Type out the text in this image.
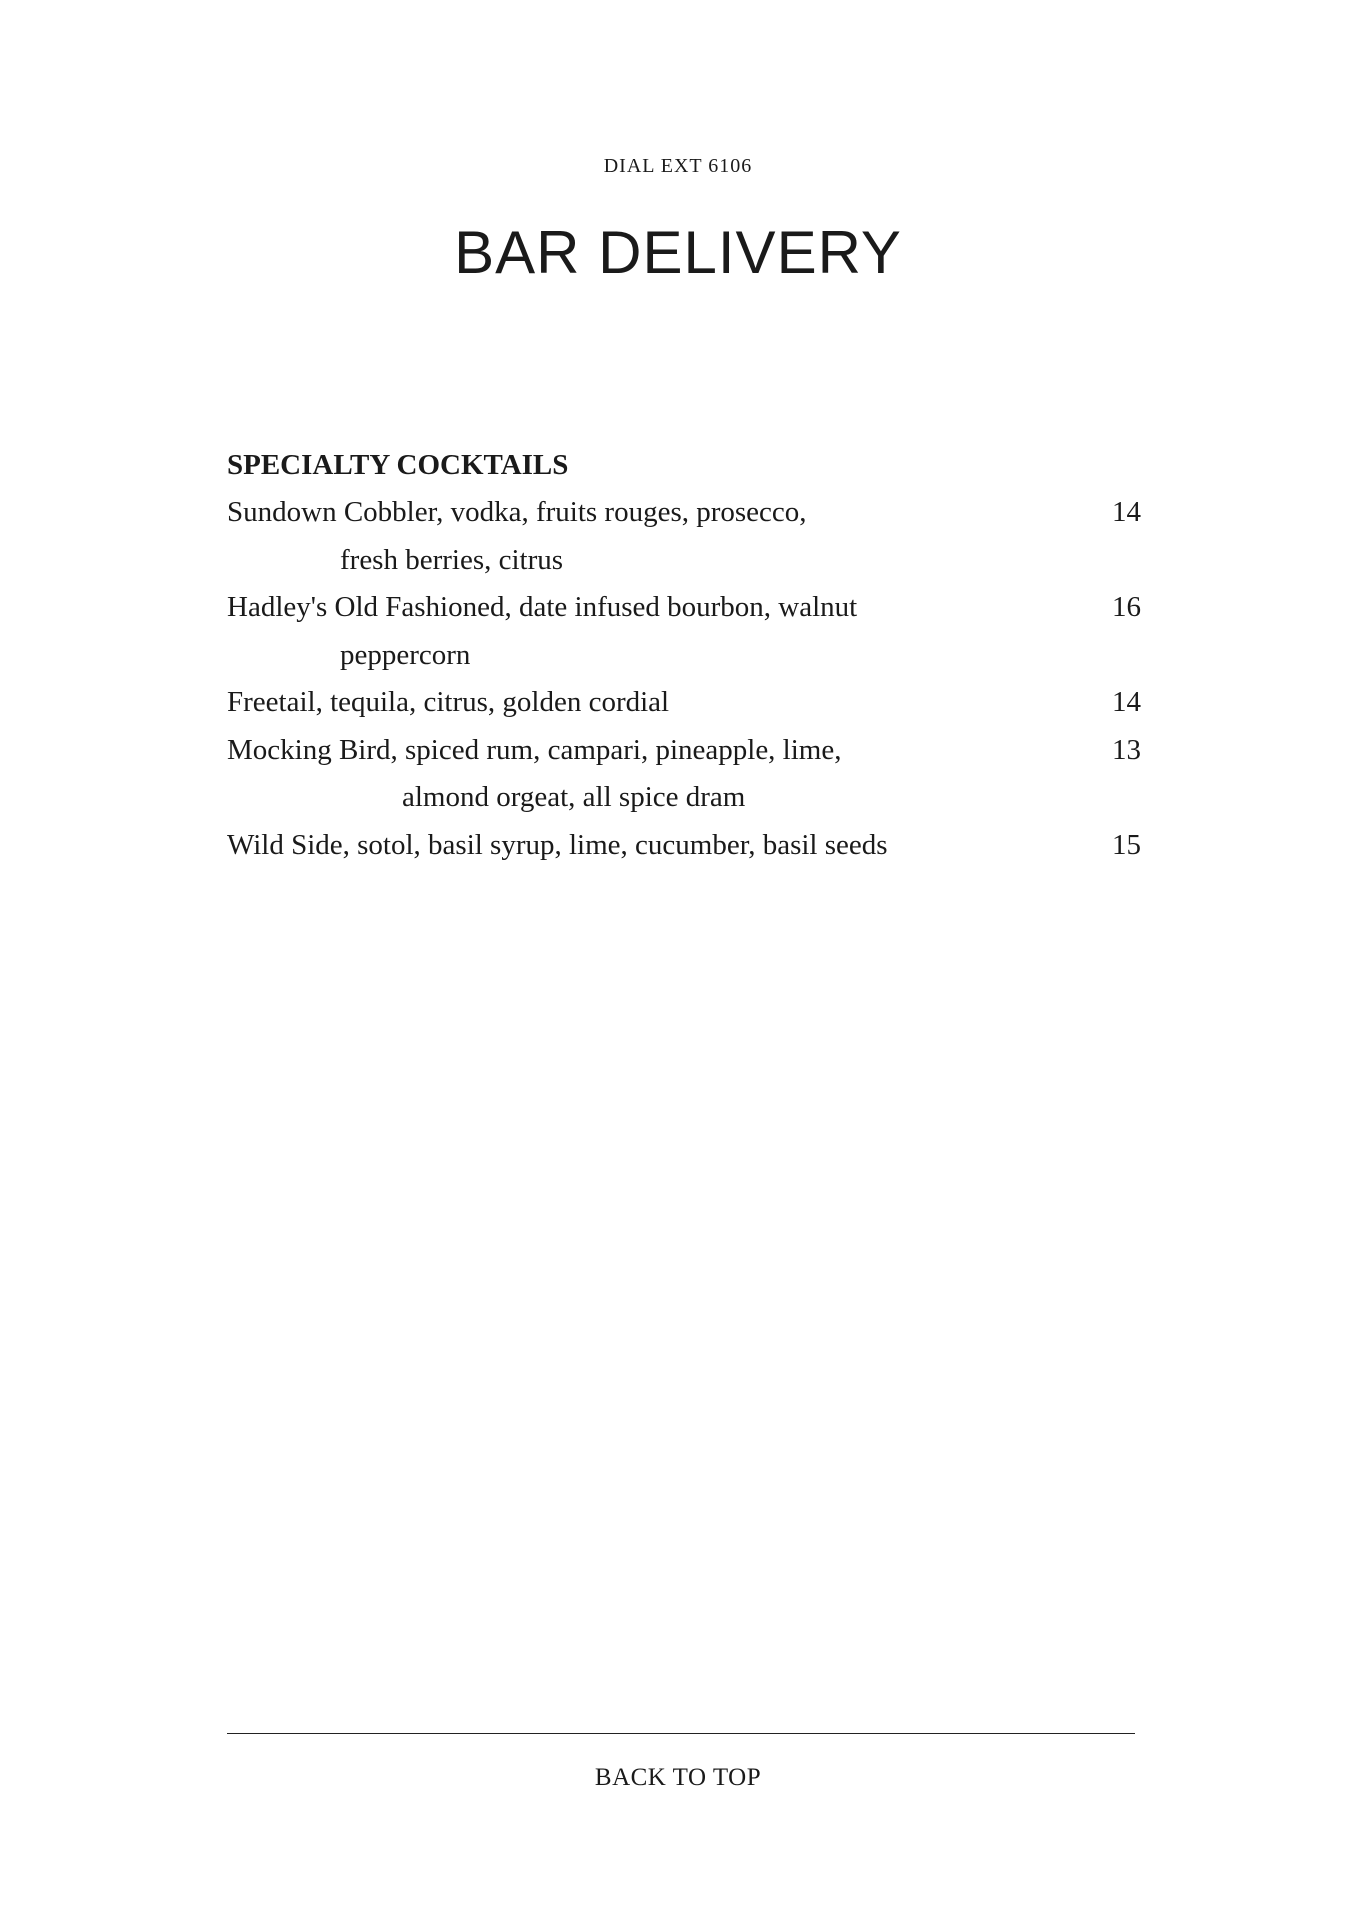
DIAL EXT 6106
BAR DELIVERY
SPECIALTY COCKTAILS
Sundown Cobbler, vodka, fruits rouges, prosecco,
fresh berries, citrus
14
Hadley's Old Fashioned, date infused bourbon, walnut
peppercorn
16
Freetail, tequila, citrus, golden cordial	14
Mocking Bird, spiced rum, campari, pineapple, lime,
almond orgeat, all spice dram
13
Wild Side, sotol, basil syrup, lime, cucumber, basil seeds	15
BACK TO TOP
